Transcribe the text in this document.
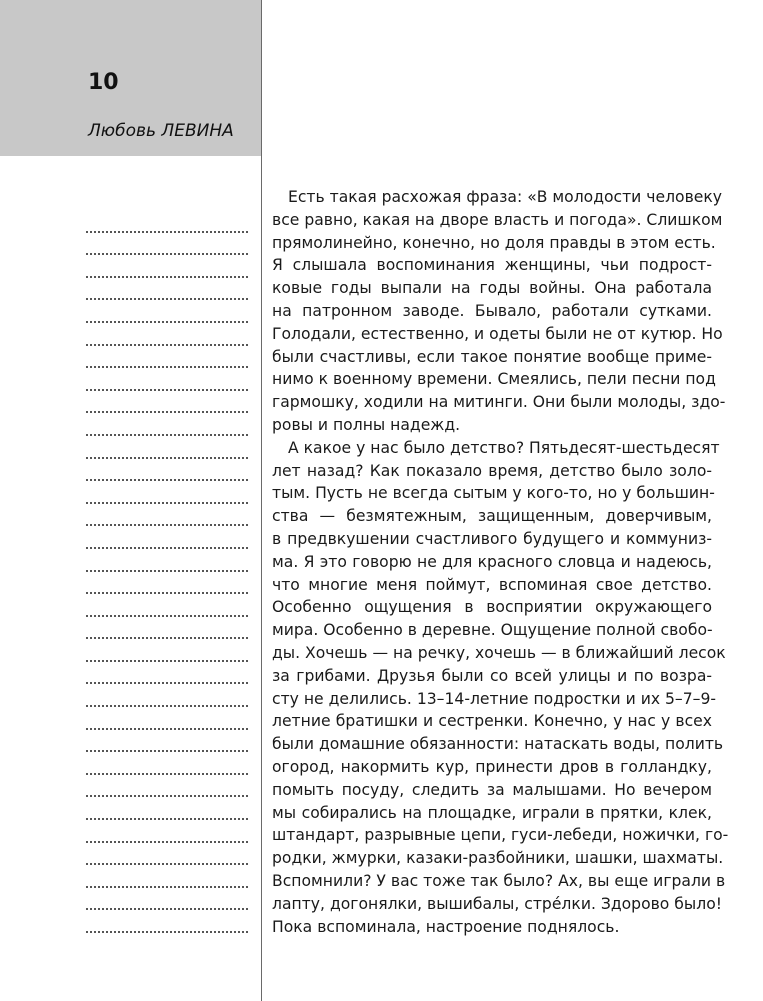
10
Любовь ЛЕВИНА
Есть такая расхожая фраза: «В молодости человеку
все равно, какая на дворе власть и погода». Слишком
прямолинейно, конечно, но доля правды в этом есть.
Я слышала воспоминания женщины, чьи подрост-
ковые годы выпали на годы войны. Она работала
на патронном заводе. Бывало, работали сутками.
Голодали, естественно, и одеты были не от кутюр. Но
были счастливы, если такое понятие вообще приме-
нимо к военному времени. Смеялись, пели песни под
гармошку, ходили на митинги. Они были молоды, здо-
ровы и полны надежд.
А какое у нас было детство? Пятьдесят-шестьдесят
лет назад? Как показало время, детство было золо-
тым. Пусть не всегда сытым у кого-то, но у большин-
ства — безмятежным, защищенным, доверчивым,
в предвкушении счастливого будущего и коммуниз-
ма. Я это говорю не для красного словца и надеюсь,
что многие меня поймут, вспоминая свое детство.
Особенно ощущения в восприятии окружающего
мира. Особенно в деревне. Ощущение полной свобо-
ды. Хочешь — на речку, хочешь — в ближайший лесок
за грибами. Друзья были со всей улицы и по возра-
сту не делились. 13–14-летние подростки и их 5–7–9-
летние братишки и сестренки. Конечно, у нас у всех
были домашние обязанности: натаскать воды, полить
огород, накормить кур, принести дров в голландку,
помыть посуду, следить за малышами. Но вечером
мы собирались на площадке, играли в прятки, клек,
штандарт, разрывные цепи, гуси-лебеди, ножички, го-
родки, жмурки, казаки-разбойники, шашки, шахматы.
Вспомнили? У вас тоже так было? Ах, вы еще играли в
лапту, догонялки, вышибалы, стре́лки. Здорово было!
Пока вспоминала, настроение поднялось.
